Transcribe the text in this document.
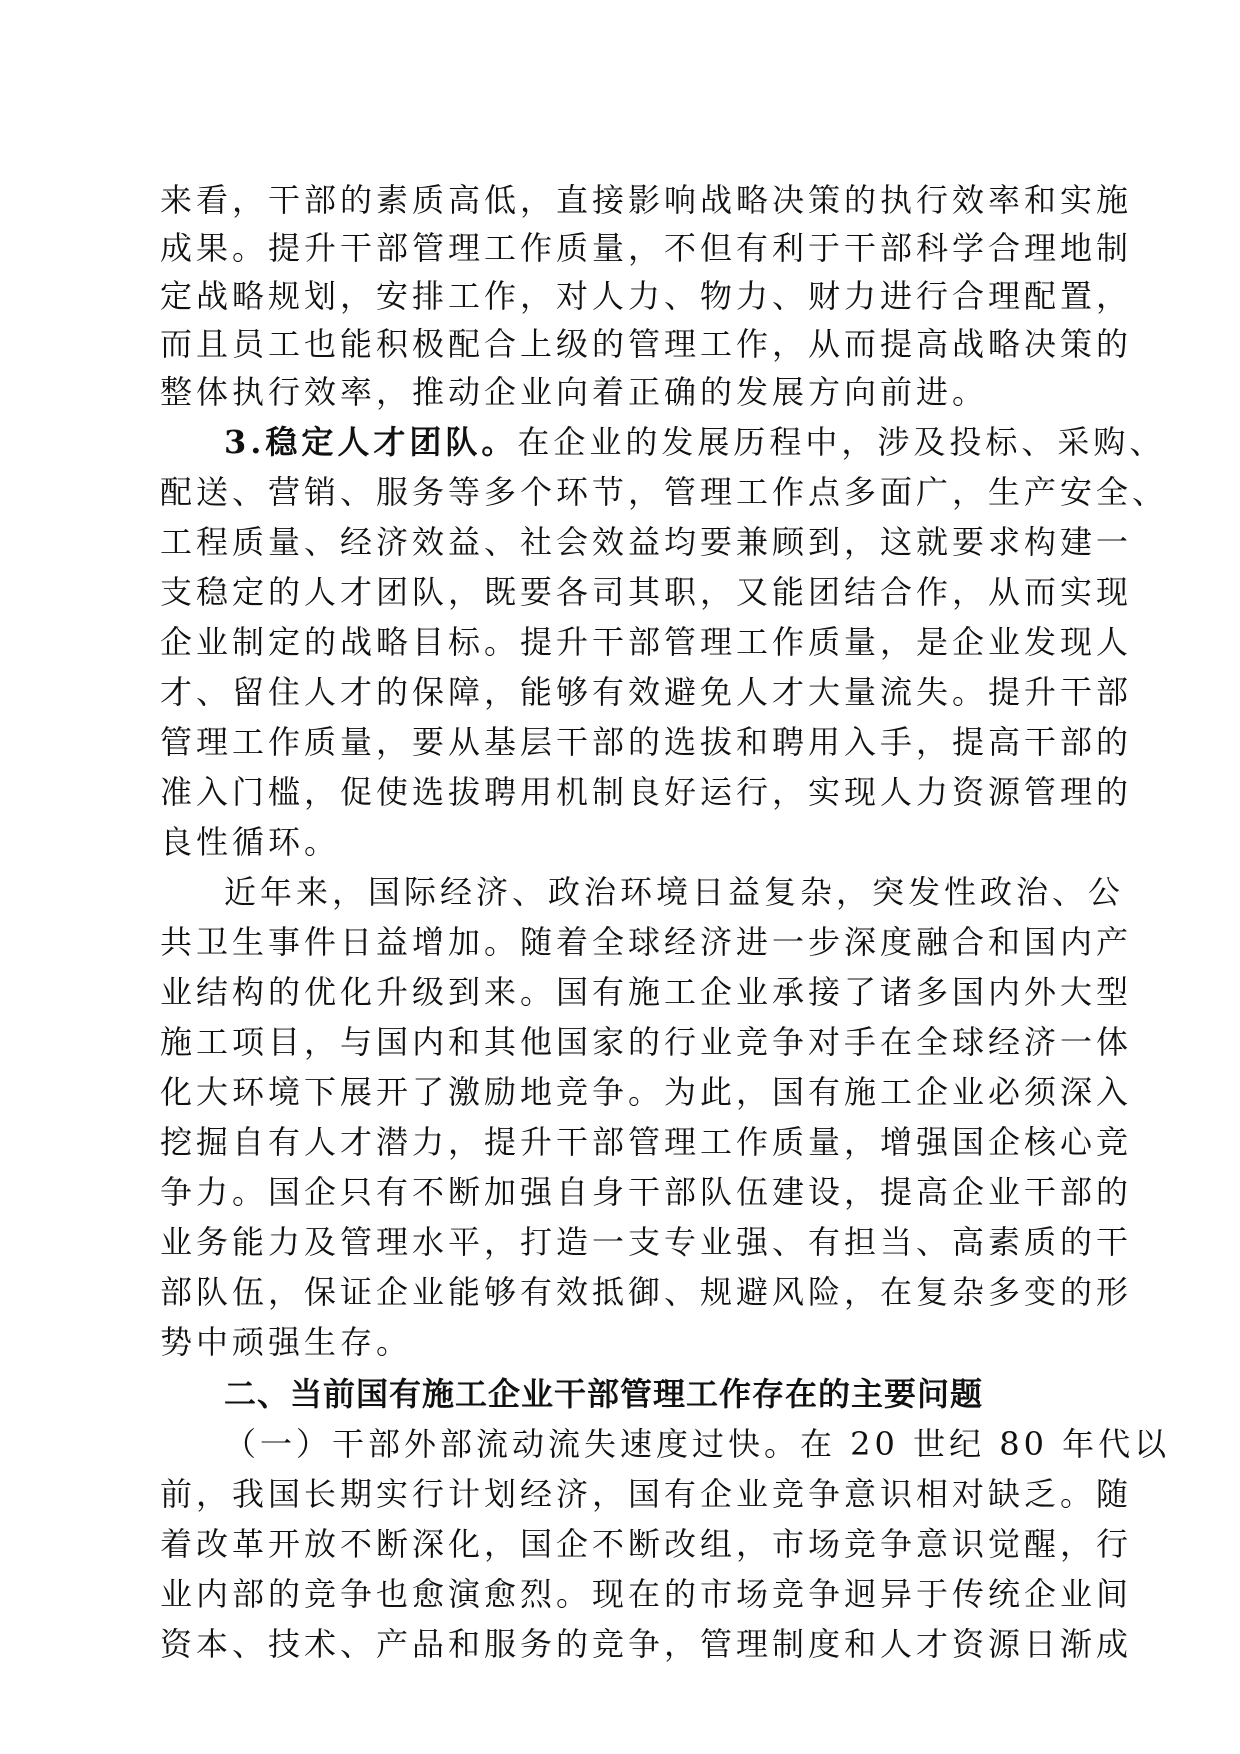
来看，干部的素质高低，直接影响战略决策的执行效率和实施
成果。提升干部管理工作质量，不但有利于干部科学合理地制
定战略规划，安排工作，对人力、物力、财力进行合理配置，
而且员工也能积极配合上级的管理工作，从而提高战略决策的
整体执行效率，推动企业向着正确的发展方向前进。
3.稳定人才团队。在企业的发展历程中，涉及投标、采购、
配送、营销、服务等多个环节，管理工作点多面广，生产安全、
工程质量、经济效益、社会效益均要兼顾到，这就要求构建一
支稳定的人才团队，既要各司其职，又能团结合作，从而实现
企业制定的战略目标。提升干部管理工作质量，是企业发现人
才、留住人才的保障，能够有效避免人才大量流失。提升干部
管理工作质量，要从基层干部的选拔和聘用入手，提高干部的
准入门槛，促使选拔聘用机制良好运行，实现人力资源管理的
良性循环。
近年来，国际经济、政治环境日益复杂，突发性政治、公
共卫生事件日益增加。随着全球经济进一步深度融合和国内产
业结构的优化升级到来。国有施工企业承接了诸多国内外大型
施工项目，与国内和其他国家的行业竞争对手在全球经济一体
化大环境下展开了激励地竞争。为此，国有施工企业必须深入
挖掘自有人才潜力，提升干部管理工作质量，增强国企核心竞
争力。国企只有不断加强自身干部队伍建设，提高企业干部的
业务能力及管理水平，打造一支专业强、有担当、高素质的干
部队伍，保证企业能够有效抵御、规避风险，在复杂多变的形
势中顽强生存。
二、当前国有施工企业干部管理工作存在的主要问题
（一）干部外部流动流失速度过快。在 20 世纪 80 年代以
前，我国长期实行计划经济，国有企业竞争意识相对缺乏。随
着改革开放不断深化，国企不断改组，市场竞争意识觉醒，行
业内部的竞争也愈演愈烈。现在的市场竞争迥异于传统企业间
资本、技术、产品和服务的竞争，管理制度和人才资源日渐成
